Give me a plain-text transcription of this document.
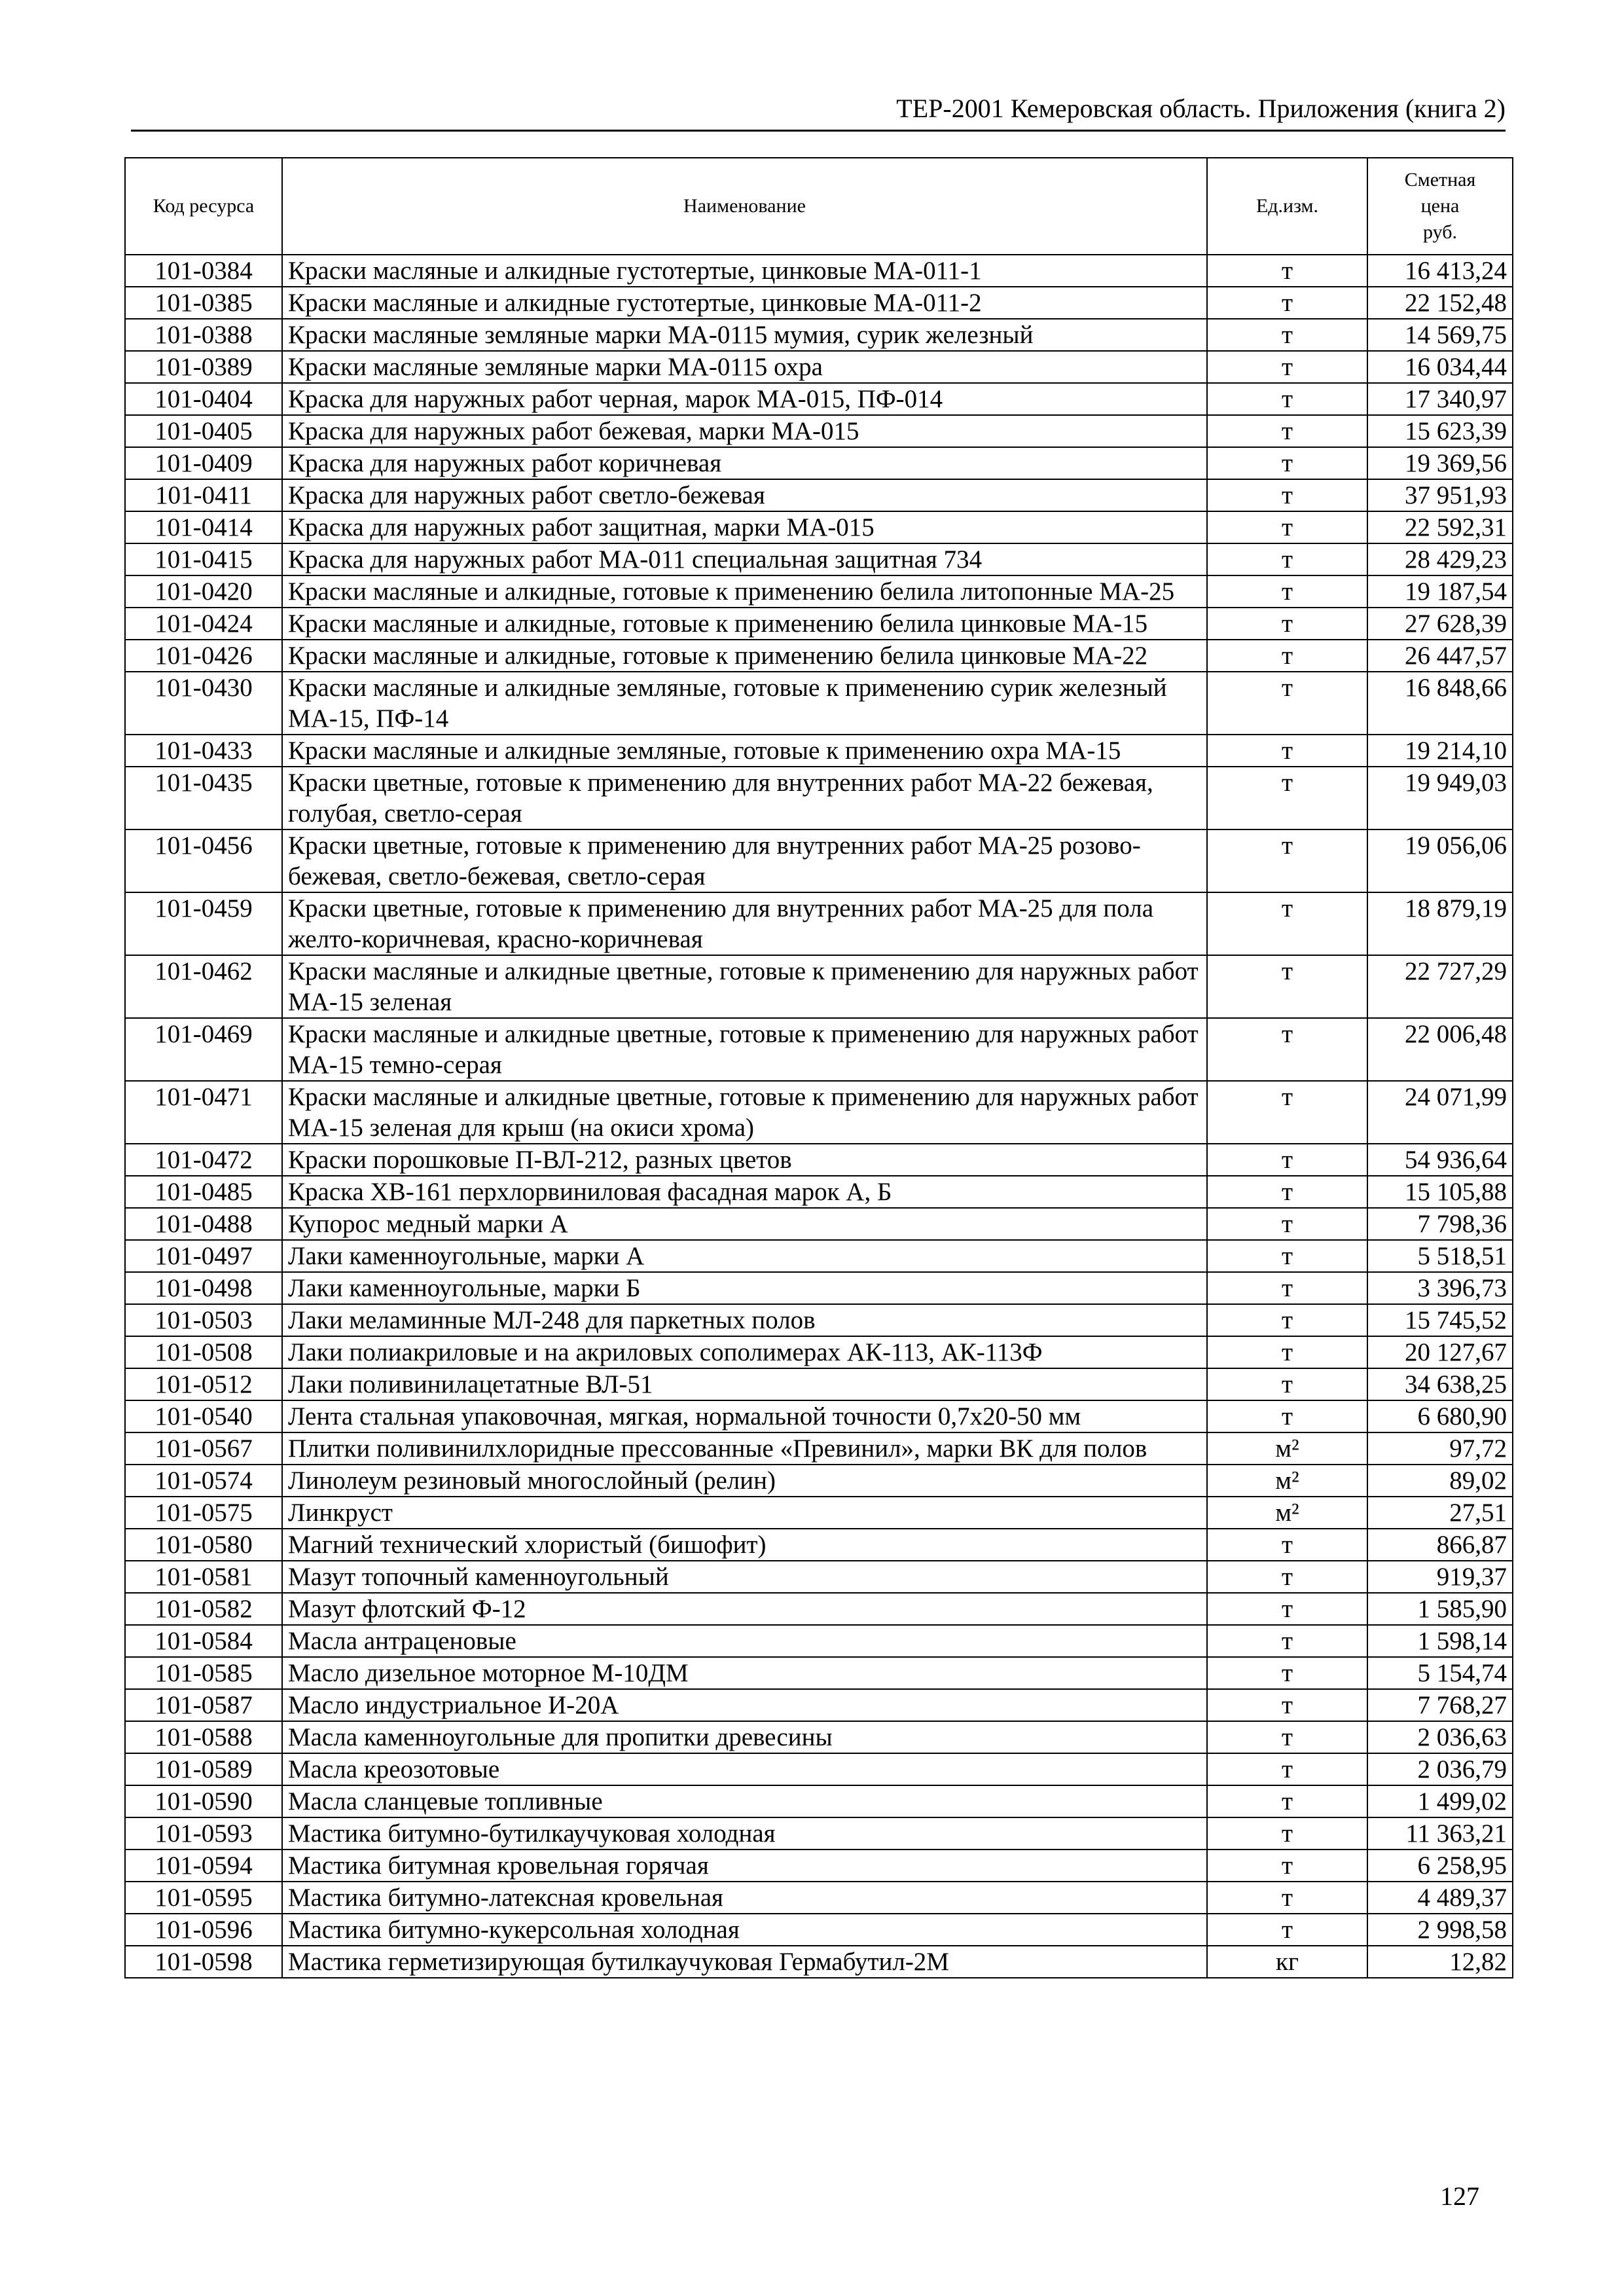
ТЕР-2001 Кемеровская область. Приложения (книга 2)
Код ресурса	Наименование	Ед.изм.	Сметная
цена
руб.

101-0384	Краски масляные и алкидные густотертые, цинковые МА-011-1	т	16 413,24
101-0385	Краски масляные и алкидные густотертые, цинковые МА-011-2	т	22 152,48
101-0388	Краски масляные земляные марки МА-0115 мумия, сурик железный	т	14 569,75
101-0389	Краски масляные земляные марки МА-0115 охра	т	16 034,44
101-0404	Краска для наружных работ черная, марок МА-015, ПФ-014	т	17 340,97
101-0405	Краска для наружных работ бежевая, марки МА-015	т	15 623,39
101-0409	Краска для наружных работ коричневая	т	19 369,56
101-0411	Краска для наружных работ светло-бежевая	т	37 951,93
101-0414	Краска для наружных работ защитная, марки МА-015	т	22 592,31
101-0415	Краска для наружных работ МА-011 специальная защитная 734	т	28 429,23
101-0420	Краски масляные и алкидные, готовые к применению белила литопонные МА-25	т	19 187,54
101-0424	Краски масляные и алкидные, готовые к применению белила цинковые МА-15	т	27 628,39
101-0426	Краски масляные и алкидные, готовые к применению белила цинковые МА-22	т	26 447,57
101-0430	Краски масляные и алкидные земляные, готовые к применению сурик железный МА-15, ПФ-14	т	16 848,66
101-0433	Краски масляные и алкидные земляные, готовые к применению охра МА-15	т	19 214,10
101-0435	Краски цветные, готовые к применению для внутренних работ МА-22 бежевая, голубая, светло-серая	т	19 949,03
101-0456	Краски цветные, готовые к применению для внутренних работ МА-25 розово-бежевая, светло-бежевая, светло-серая	т	19 056,06
101-0459	Краски цветные, готовые к применению для внутренних работ МА-25 для пола желто-коричневая, красно-коричневая	т	18 879,19
101-0462	Краски масляные и алкидные цветные, готовые к применению для наружных работ МА-15 зеленая	т	22 727,29
101-0469	Краски масляные и алкидные цветные, готовые к применению для наружных работ МА-15 темно-серая	т	22 006,48
101-0471	Краски масляные и алкидные цветные, готовые к применению для наружных работ МА-15 зеленая для крыш (на окиси хрома)	т	24 071,99
101-0472	Краски порошковые П-ВЛ-212, разных цветов	т	54 936,64
101-0485	Краска ХВ-161 перхлорвиниловая фасадная марок А, Б	т	15 105,88
101-0488	Купорос медный марки А	т	7 798,36
101-0497	Лаки каменноугольные, марки А	т	5 518,51
101-0498	Лаки каменноугольные, марки Б	т	3 396,73
101-0503	Лаки меламинные МЛ-248 для паркетных полов	т	15 745,52
101-0508	Лаки полиакриловые и на акриловых сополимерах АК-113, АК-113Ф	т	20 127,67
101-0512	Лаки поливинилацетатные ВЛ-51	т	34 638,25
101-0540	Лента стальная упаковочная, мягкая, нормальной точности 0,7х20-50 мм	т	6 680,90
101-0567	Плитки поливинилхлоридные прессованные «Превинил», марки ВК для полов	м²	97,72
101-0574	Линолеум резиновый многослойный (релин)	м²	89,02
101-0575	Линкруст	м²	27,51
101-0580	Магний технический хлористый (бишофит)	т	866,87
101-0581	Мазут топочный каменноугольный	т	919,37
101-0582	Мазут флотский Ф-12	т	1 585,90
101-0584	Масла антраценовые	т	1 598,14
101-0585	Масло дизельное моторное М-10ДМ	т	5 154,74
101-0587	Масло индустриальное И-20А	т	7 768,27
101-0588	Масла каменноугольные для пропитки древесины	т	2 036,63
101-0589	Масла креозотовые	т	2 036,79
101-0590	Масла сланцевые топливные	т	1 499,02
101-0593	Мастика битумно-бутилкаучуковая холодная	т	11 363,21
101-0594	Мастика битумная кровельная горячая	т	6 258,95
101-0595	Мастика битумно-латексная кровельная	т	4 489,37
101-0596	Мастика битумно-кукерсольная холодная	т	2 998,58
101-0598	Мастика герметизирующая бутилкаучуковая Гермабутил-2М	кг	12,82
127
